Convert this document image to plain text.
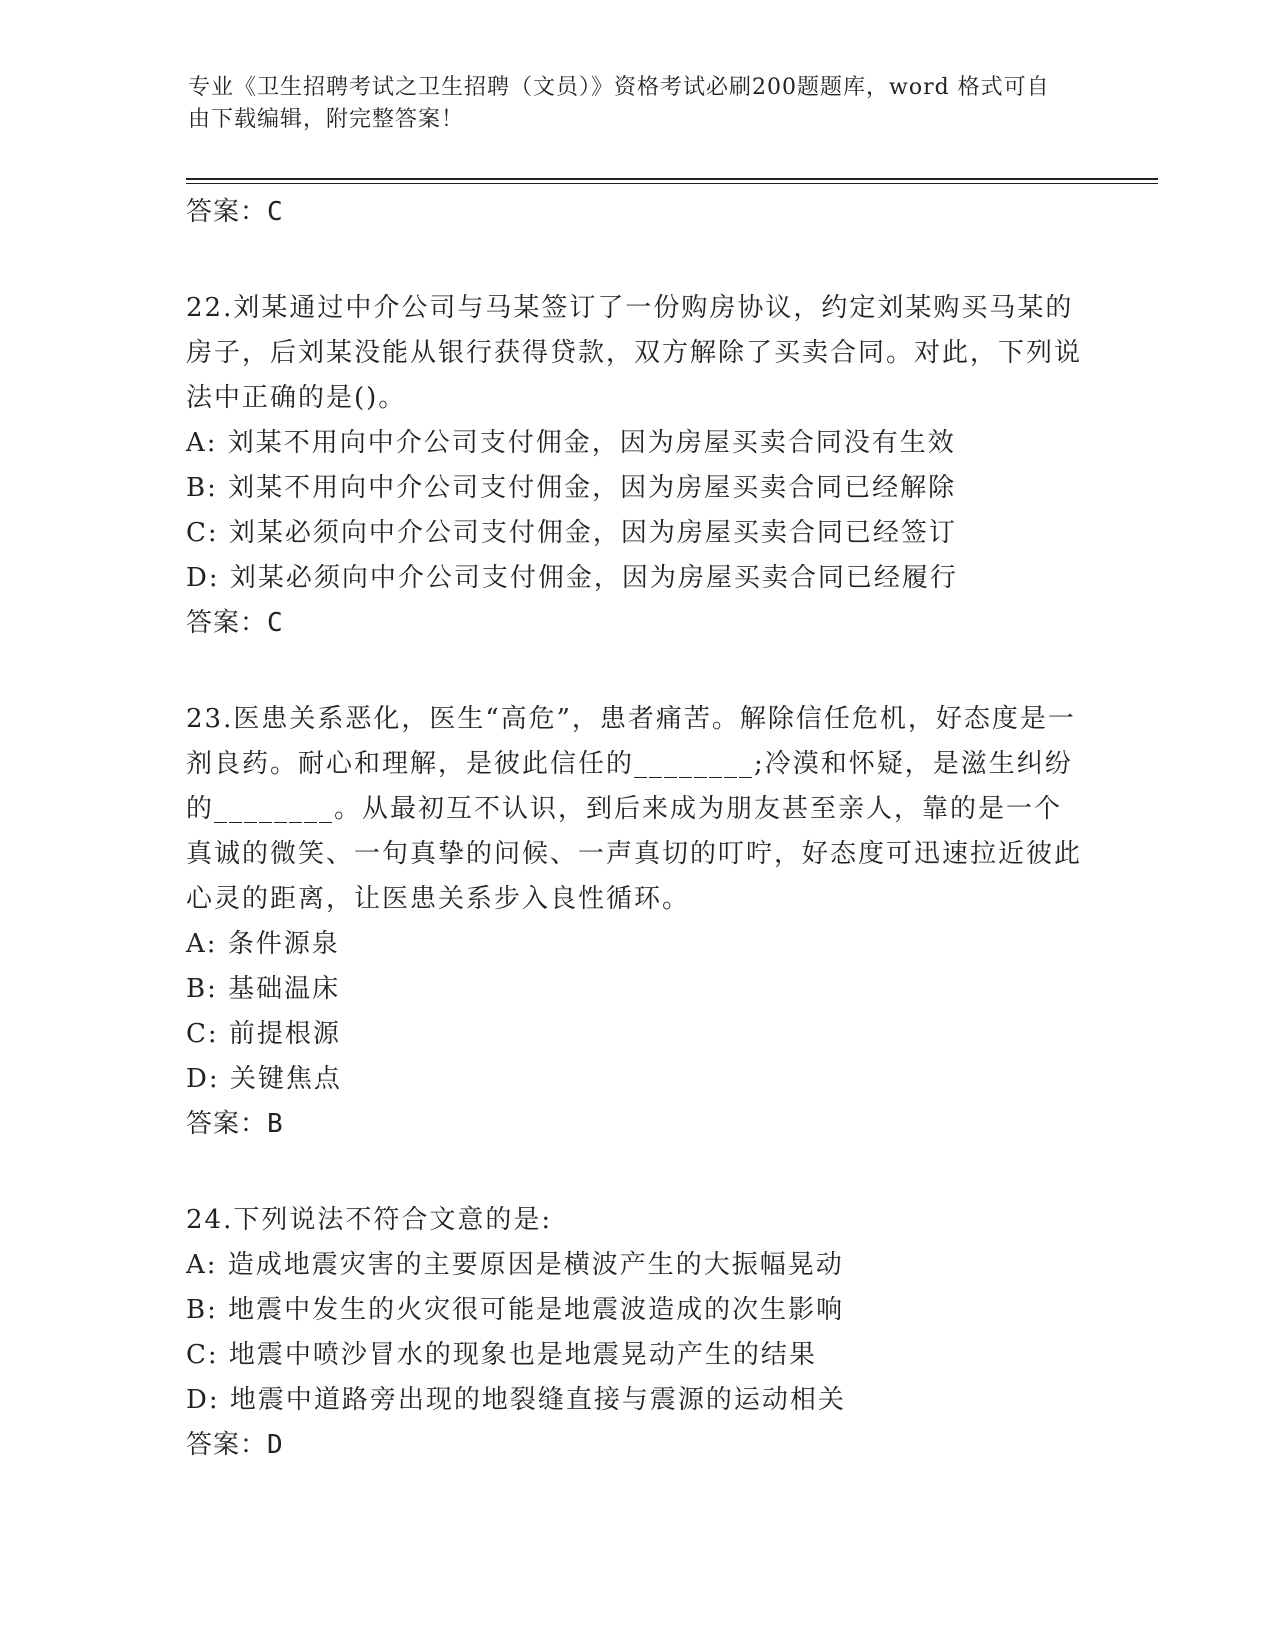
专业《卫生招聘考试之卫生招聘（文员）》资格考试必刷200题题库，word 格式可自由下载编辑，附完整答案！
答案：C

22.刘某通过中介公司与马某签订了一份购房协议，约定刘某购买马某的房子，后刘某没能从银行获得贷款，双方解除了买卖合同。对此，下列说法中正确的是()。

A: 刘某不用向中介公司支付佣金，因为房屋买卖合同没有生效
B: 刘某不用向中介公司支付佣金，因为房屋买卖合同已经解除
C: 刘某必须向中介公司支付佣金，因为房屋买卖合同已经签订
D: 刘某必须向中介公司支付佣金，因为房屋买卖合同已经履行
答案：C

23.医患关系恶化，医生“高危”，患者痛苦。解除信任危机，好态度是一剂良药。耐心和理解，是彼此信任的________;冷漠和怀疑，是滋生纠纷的________。从最初互不认识，到后来成为朋友甚至亲人，靠的是一个真诚的微笑、一句真挚的问候、一声真切的叮咛，好态度可迅速拉近彼此心灵的距离，让医患关系步入良性循环。

A: 条件源泉
B: 基础温床
C: 前提根源
D: 关键焦点
答案：B

24.下列说法不符合文意的是:

A: 造成地震灾害的主要原因是横波产生的大振幅晃动
B: 地震中发生的火灾很可能是地震波造成的次生影响
C: 地震中喷沙冒水的现象也是地震晃动产生的结果
D: 地震中道路旁出现的地裂缝直接与震源的运动相关
答案：D
